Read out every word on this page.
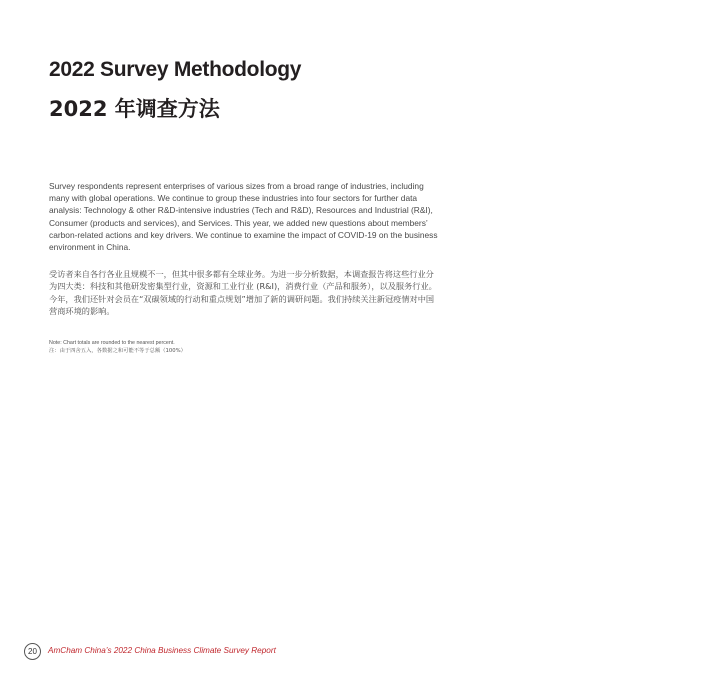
2022 Survey Methodology
2022 年调查方法

Survey respondents represent enterprises of various sizes from a broad range of industries, including many with global operations. We continue to group these industries into four sectors for further data analysis: Technology & other R&D-intensive industries (Tech and R&D), Resources and Industrial (R&I), Consumer (products and services), and Services. This year, we added new questions about members’ carbon-related actions and key drivers. We continue to examine the impact of COVID-19 on the business environment in China.

受访者来自各行各业且规模不一，但其中很多都有全球业务。为进一步分析数据，本调查报告将这些行业分为四大类：科技和其他研发密集型行业，资源和工业行业 (R&I)，消费行业（产品和服务），以及服务行业。今年，我们还针对会员在“双碳领域的行动和重点规划”增加了新的调研问题。我们持续关注新冠疫情对中国营商环境的影响。

Note: Chart totals are rounded to the nearest percent.
注：由于四舍五入，各数据之和可能不等于总额（100%）
20	AmCham China’s 2022 China Business Climate Survey Report
